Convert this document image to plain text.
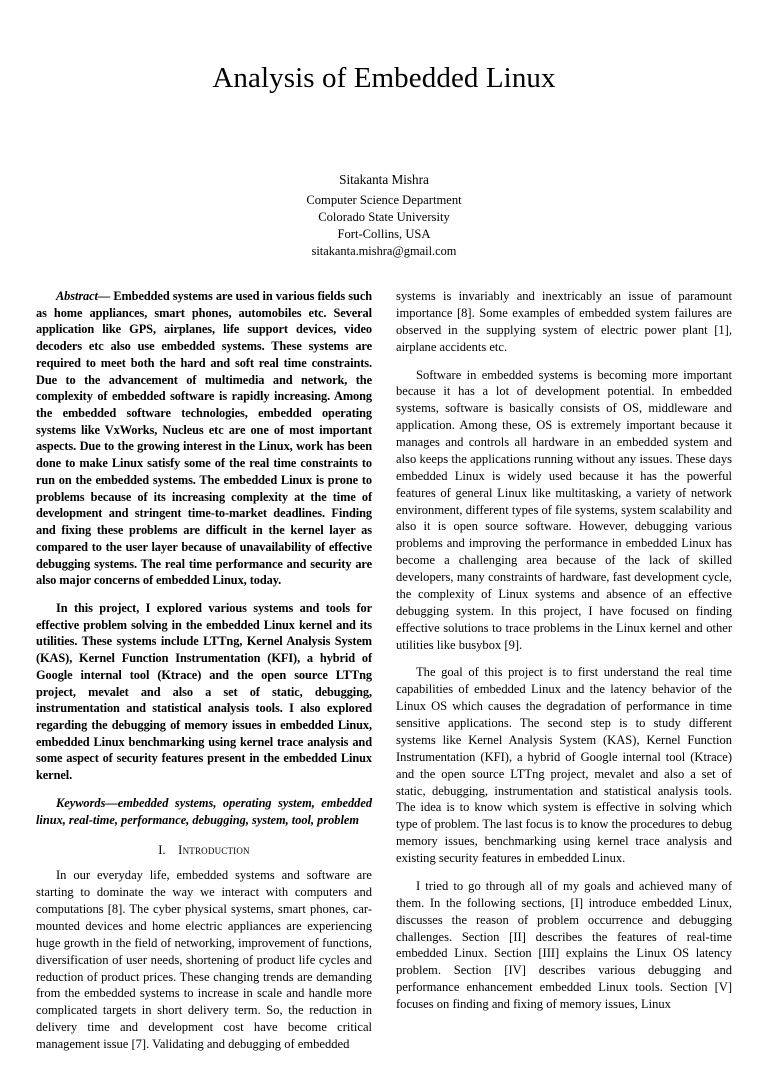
Analysis of Embedded Linux
Sitakanta Mishra
Computer Science Department
Colorado State University
Fort-Collins, USA
sitakanta.mishra@gmail.com

Abstract— Embedded systems are used in various fields such as home appliances, smart phones, automobiles etc. Several application like GPS, airplanes, life support devices, video decoders etc also use embedded systems. These systems are required to meet both the hard and soft real time constraints. Due to the advancement of multimedia and network, the complexity of embedded software is rapidly increasing. Among the embedded software technologies, embedded operating systems like VxWorks, Nucleus etc are one of most important aspects. Due to the growing interest in the Linux, work has been done to make Linux satisfy some of the real time constraints to run on the embedded systems. The embedded Linux is prone to problems because of its increasing complexity at the time of development and stringent time-to-market deadlines. Finding and fixing these problems are difficult in the kernel layer as compared to the user layer because of unavailability of effective debugging systems. The real time performance and security are also major concerns of embedded Linux, today.

In this project, I explored various systems and tools for effective problem solving in the embedded Linux kernel and its utilities. These systems include LTTng, Kernel Analysis System (KAS), Kernel Function Instrumentation (KFI), a hybrid of Google internal tool (Ktrace) and the open source LTTng project, mevalet and also a set of static, debugging, instrumentation and statistical analysis tools. I also explored regarding the debugging of memory issues in embedded Linux, embedded Linux benchmarking using kernel trace analysis and some aspect of security features present in the embedded Linux kernel.

Keywords—embedded systems, operating system, embedded linux, real-time, performance, debugging, system, tool, problem

I. Introduction

In our everyday life, embedded systems and software are starting to dominate the way we interact with computers and computations [8]. The cyber physical systems, smart phones, car-mounted devices and home electric appliances are experiencing huge growth in the field of networking, improvement of functions, diversification of user needs, shortening of product life cycles and reduction of product prices. These changing trends are demanding from the embedded systems to increase in scale and handle more complicated targets in short delivery term. So, the reduction in delivery time and development cost have become critical management issue [7]. Validating and debugging of embedded

systems is invariably and inextricably an issue of paramount importance [8]. Some examples of embedded system failures are observed in the supplying system of electric power plant [1], airplane accidents etc.

Software in embedded systems is becoming more important because it has a lot of development potential. In embedded systems, software is basically consists of OS, middleware and application. Among these, OS is extremely important because it manages and controls all hardware in an embedded system and also keeps the applications running without any issues. These days embedded Linux is widely used because it has the powerful features of general Linux like multitasking, a variety of network environment, different types of file systems, system scalability and also it is open source software. However, debugging various problems and improving the performance in embedded Linux has become a challenging area because of the lack of skilled developers, many constraints of hardware, fast development cycle, the complexity of Linux systems and absence of an effective debugging system. In this project, I have focused on finding effective solutions to trace problems in the Linux kernel and other utilities like busybox [9].

The goal of this project is to first understand the real time capabilities of embedded Linux and the latency behavior of the Linux OS which causes the degradation of performance in time sensitive applications. The second step is to study different systems like Kernel Analysis System (KAS), Kernel Function Instrumentation (KFI), a hybrid of Google internal tool (Ktrace) and the open source LTTng project, mevalet and also a set of static, debugging, instrumentation and statistical analysis tools. The idea is to know which system is effective in solving which type of problem. The last focus is to know the procedures to debug memory issues, benchmarking using kernel trace analysis and existing security features in embedded Linux.

I tried to go through all of my goals and achieved many of them. In the following sections, [I] introduce embedded Linux, discusses the reason of problem occurrence and debugging challenges. Section [II] describes the features of real-time embedded Linux. Section [III] explains the Linux OS latency problem. Section [IV] describes various debugging and performance enhancement embedded Linux tools. Section [V] focuses on finding and fixing of memory issues, Linux
